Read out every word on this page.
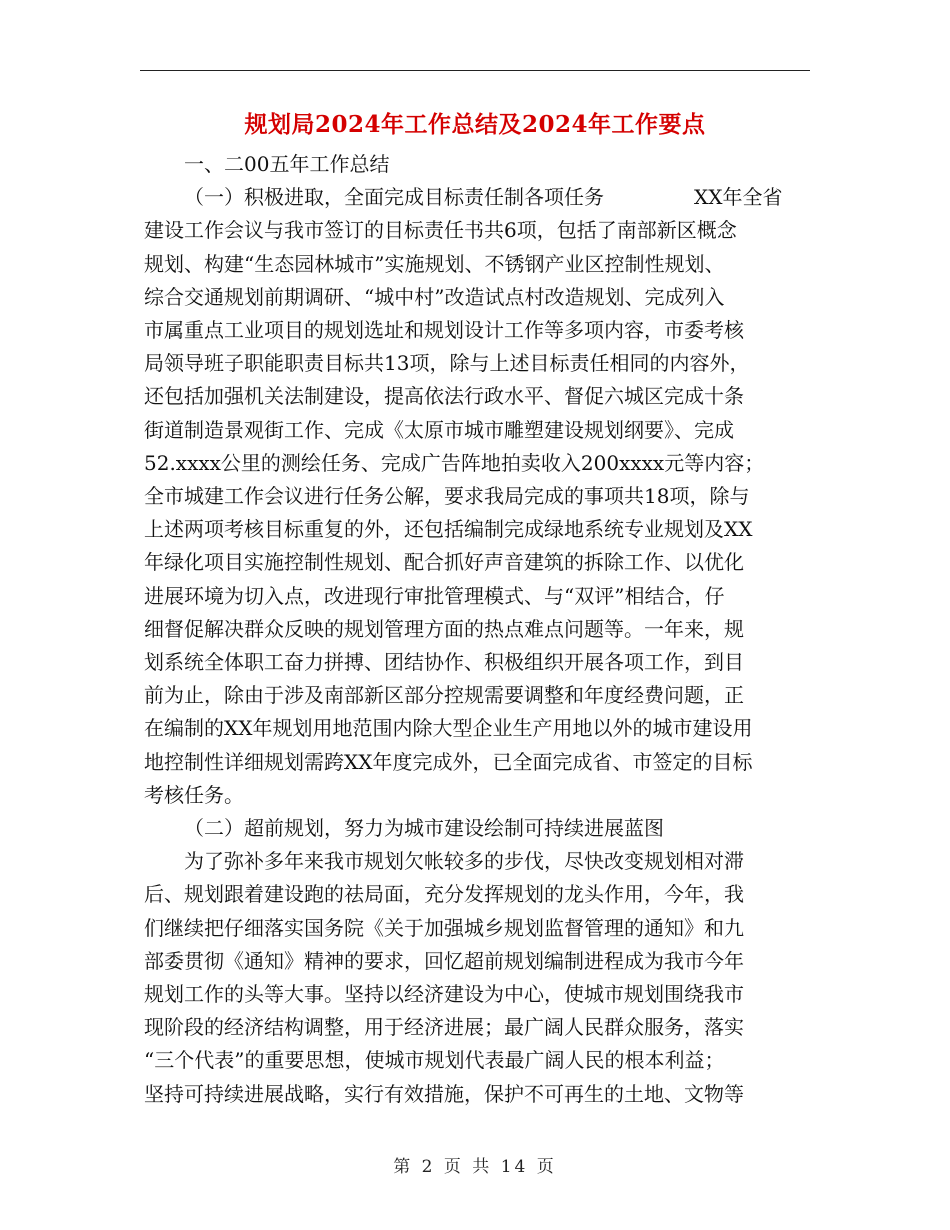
规划局2024年工作总结及2024年工作要点
一、二00五年工作总结
（一）积极进取，全面完成目标责任制各项任务	XX年全省
建设工作会议与我市签订的目标责任书共6项，包括了南部新区概念
规划、构建“生态园林城市”实施规划、不锈钢产业区控制性规划、
综合交通规划前期调研、“城中村”改造试点村改造规划、完成列入
市属重点工业项目的规划选址和规划设计工作等多项内容，市委考核
局领导班子职能职责目标共13项，除与上述目标责任相同的内容外，
还包括加强机关法制建设，提高依法行政水平、督促六城区完成十条
街道制造景观街工作、完成《太原市城市雕塑建设规划纲要》、完成
52.xxxx公里的测绘任务、完成广告阵地拍卖收入200xxxx元等内容；
全市城建工作会议进行任务公解，要求我局完成的事项共18项，除与
上述两项考核目标重复的外，还包括编制完成绿地系统专业规划及XX
年绿化项目实施控制性规划、配合抓好声音建筑的拆除工作、以优化
进展环境为切入点，改进现行审批管理模式、与“双评”相结合，仔
细督促解决群众反映的规划管理方面的热点难点问题等。一年来，规
划系统全体职工奋力拼搏、团结协作、积极组织开展各项工作，到目
前为止，除由于涉及南部新区部分控规需要调整和年度经费问题，正
在编制的XX年规划用地范围内除大型企业生产用地以外的城市建设用
地控制性详细规划需跨XX年度完成外，已全面完成省、市签定的目标
考核任务。
（二）超前规划，努力为城市建设绘制可持续进展蓝图
为了弥补多年来我市规划欠帐较多的步伐，尽快改变规划相对滞
后、规划跟着建设跑的祛局面，充分发挥规划的龙头作用，今年，我
们继续把仔细落实国务院《关于加强城乡规划监督管理的通知》和九
部委贯彻《通知》精神的要求，回忆超前规划编制进程成为我市今年
规划工作的头等大事。坚持以经济建设为中心，使城市规划围绕我市
现阶段的经济结构调整，用于经济进展；最广阔人民群众服务，落实
“三个代表”的重要思想，使城市规划代表最广阔人民的根本利益；
坚持可持续进展战略，实行有效措施，保护不可再生的土地、文物等
第 2 页 共 14 页
